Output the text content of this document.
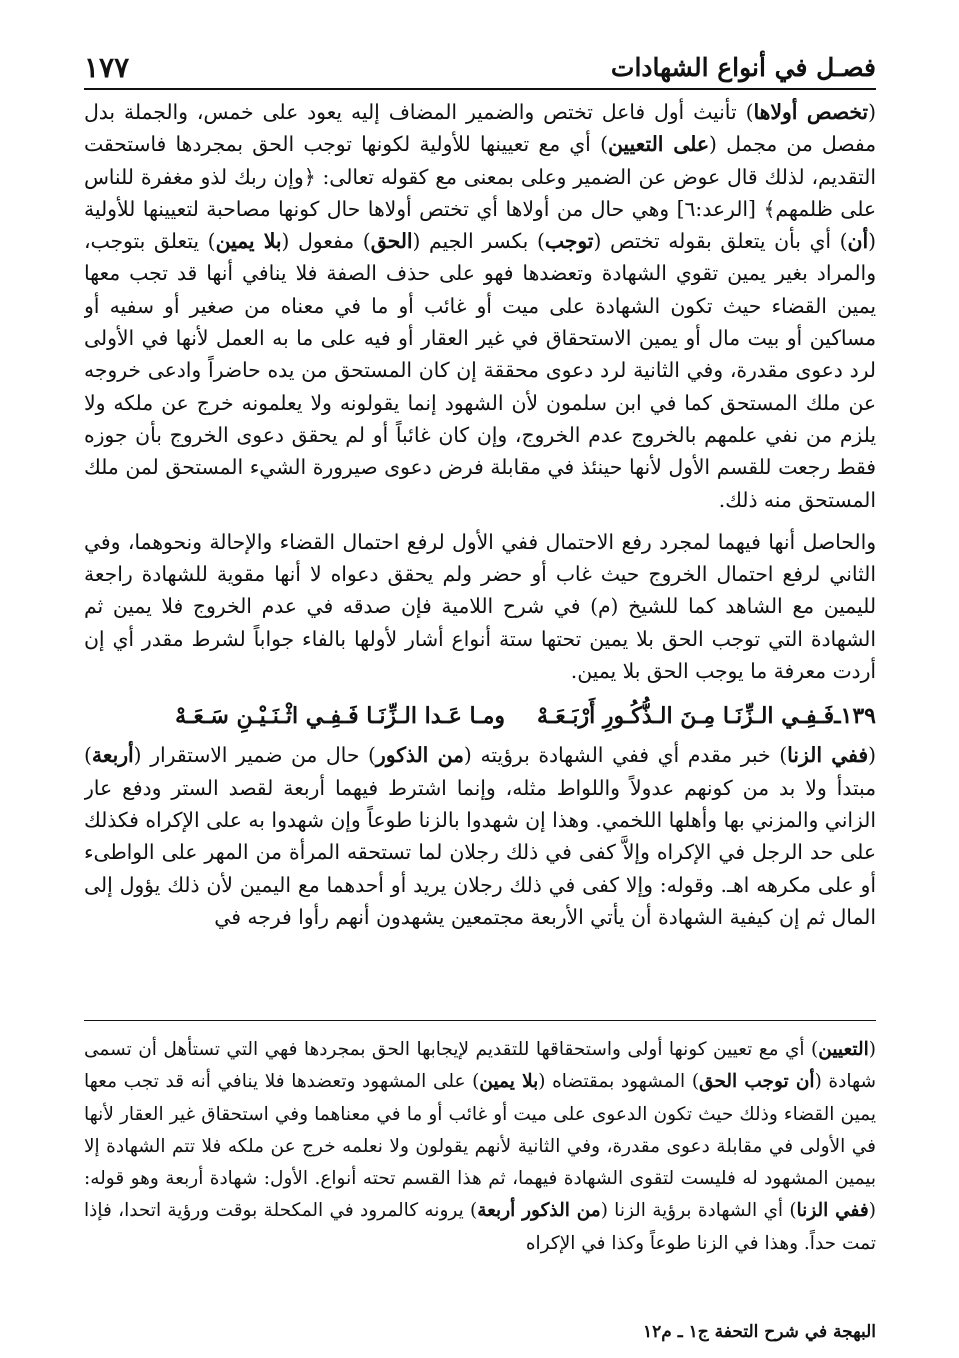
فصـل في أنواع الشهادات
١٧٧

(تخصص أولاها) تأنيث أول فاعل تختص والضمير المضاف إليه يعود على خمس، والجملة بدل مفصل من مجمل (على التعيين) أي مع تعيينها للأولية لكونها توجب الحق بمجردها فاستحقت التقديم، لذلك قال عوض عن الضمير وعلى بمعنى مع كقوله تعالى: ﴿وإن ربك لذو مغفرة للناس على ظلمهم﴾ [الرعد:٦] وهي حال من أولاها أي تختص أولاها حال كونها مصاحبة لتعيينها للأولية (أن) أي بأن يتعلق بقوله تختص (توجب) بكسر الجيم (الحق) مفعول (بلا يمين) يتعلق بتوجب، والمراد بغير يمين تقوي الشهادة وتعضدها فهو على حذف الصفة فلا ينافي أنها قد تجب معها يمين القضاء حيث تكون الشهادة على ميت أو غائب أو ما في معناه من صغير أو سفيه أو مساكين أو بيت مال أو يمين الاستحقاق في غير العقار أو فيه على ما به العمل لأنها في الأولى لرد دعوى مقدرة، وفي الثانية لرد دعوى محققة إن كان المستحق من يده حاضراً وادعى خروجه عن ملك المستحق كما في ابن سلمون لأن الشهود إنما يقولونه ولا يعلمونه خرج عن ملكه ولا يلزم من نفي علمهم بالخروج عدم الخروج، وإن كان غائباً أو لم يحقق دعوى الخروج بأن جوزه فقط رجعت للقسم الأول لأنها حينئذ في مقابلة فرض دعوى صيرورة الشيء المستحق لمن ملك المستحق منه ذلك.

والحاصل أنها فيهما لمجرد رفع الاحتمال ففي الأول لرفع احتمال القضاء والإحالة ونحوهما، وفي الثاني لرفع احتمال الخروج حيث غاب أو حضر ولم يحقق دعواه لا أنها مقوية للشهادة راجعة لليمين مع الشاهد كما للشيخ (م) في شرح اللامية فإن صدقه في عدم الخروج فلا يمين ثم الشهادة التي توجب الحق بلا يمين تحتها ستة أنواع أشار لأولها بالفاء جواباً لشرط مقدر أي إن أردت معرفة ما يوجب الحق بلا يمين.

١٣٩ـفَـفِـي الـزِّنَـا مِـنَ الـذُّكُـورِ أَرْبَـعَـهْومـا عَـدا الـزِّنَـا فَـفِـي اثْـنَـيْـنِ سَـعَـهْ

(ففي الزنا) خبر مقدم أي ففي الشهادة برؤيته (من الذكور) حال من ضمير الاستقرار (أربعة) مبتدأ ولا بد من كونهم عدولاً واللواط مثله، وإنما اشترط فيهما أربعة لقصد الستر ودفع عار الزاني والمزني بها وأهلها اللخمي. وهذا إن شهدوا بالزنا طوعاً وإن شهدوا به على الإكراه فكذلك على حد الرجل في الإكراه وإلاَّ كفى في ذلك رجلان لما تستحقه المرأة من المهر على الواطىء أو على مكرهه اهـ. وقوله: وإلا كفى في ذلك رجلان يريد أو أحدهما مع اليمين لأن ذلك يؤول إلى المال ثم إن كيفية الشهادة أن يأتي الأربعة مجتمعين يشهدون أنهم رأوا فرجه في

(التعيين) أي مع تعيين كونها أولى واستحقاقها للتقديم لإيجابها الحق بمجردها فهي التي تستأهل أن تسمى شهادة (أن توجب الحق) المشهود بمقتضاه (بلا يمين) على المشهود وتعضدها فلا ينافي أنه قد تجب معها يمين القضاء وذلك حيث تكون الدعوى على ميت أو غائب أو ما في معناهما وفي استحقاق غير العقار لأنها في الأولى في مقابلة دعوى مقدرة، وفي الثانية لأنهم يقولون ولا نعلمه خرج عن ملكه فلا تتم الشهادة إلا بيمين المشهود له فليست لتقوى الشهادة فيهما، ثم هذا القسم تحته أنواع. الأول: شهادة أربعة وهو قوله: (ففي الزنا) أي الشهادة برؤية الزنا (من الذكور أربعة) يرونه كالمرود في المكحلة بوقت ورؤية اتحدا، فإذا تمت حداً. وهذا في الزنا طوعاً وكذا في الإكراه

البهجة في شرح التحفة ج١ ـ م١٢
